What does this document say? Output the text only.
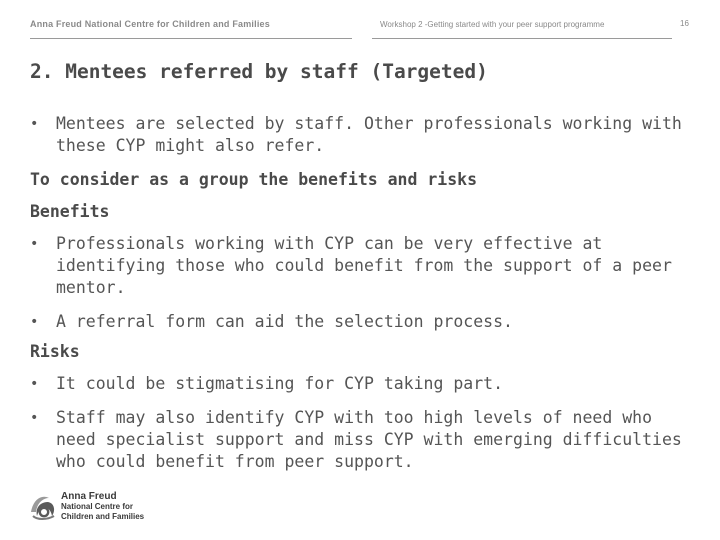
Anna Freud National Centre for Children and Families	Workshop 2 -Getting started with your peer support programme	16
2. Mentees referred by staff (Targeted)
• Mentees are selected by staff. Other professionals working with these CYP might also refer.
To consider as a group the benefits and risks
Benefits
• Professionals working with CYP can be very effective at identifying those who could benefit from the support of a peer mentor.
• A referral form can aid the selection process.
Risks
• It could be stigmatising for CYP taking part.
• Staff may also identify CYP with too high levels of need who need specialist support and miss CYP with emerging difficulties who could benefit from peer support.
Anna Freud
National Centre for
Children and Families
